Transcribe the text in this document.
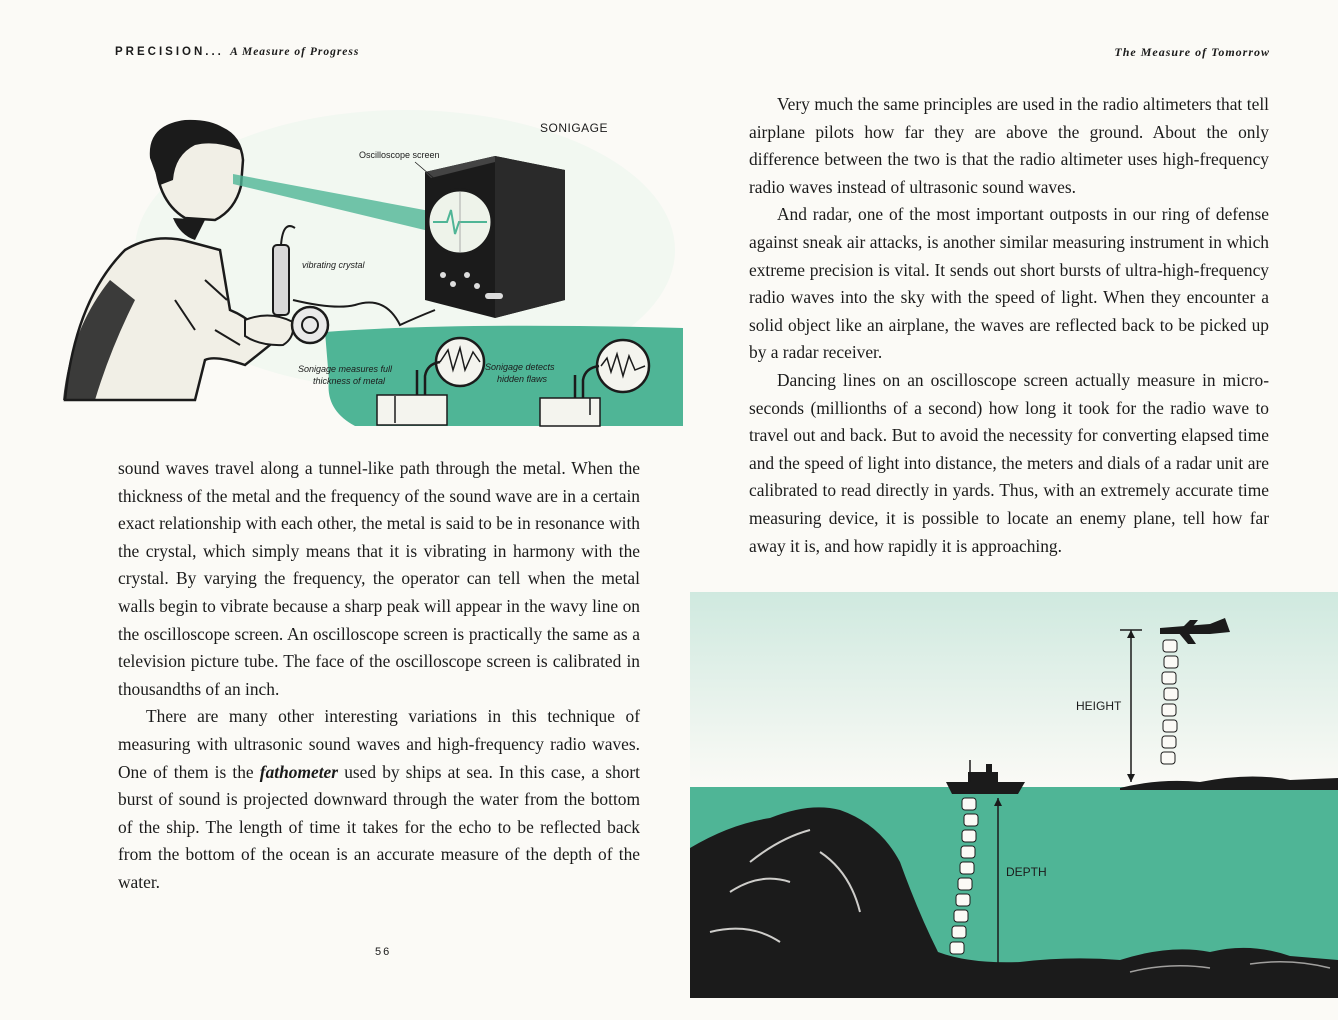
PRECISION... A Measure of Progress
SONIGAGE
Oscilloscope screen
vibrating crystal
Sonigage measures full
thickness of metal
Sonigage detects
hidden flaws

sound waves travel along a tunnel-like path through the metal. When the thickness of the metal and the frequency of the sound wave are in a certain exact relationship with each other, the metal is said to be in resonance with the crystal, which simply means that it is vibrating in harmony with the crystal. By varying the frequency, the operator can tell when the metal walls begin to vibrate because a sharp peak will appear in the wavy line on the oscilloscope screen. An oscilloscope screen is practically the same as a television picture tube. The face of the oscilloscope screen is calibrated in thousandths of an inch.

There are many other interesting variations in this technique of measuring with ultrasonic sound waves and high-frequency radio waves. One of them is the fathometer used by ships at sea. In this case, a short burst of sound is projected downward through the water from the bottom of the ship. The length of time it takes for the echo to be reflected back from the bottom of the ocean is an accurate measure of the depth of the water.

56
The Measure of Tomorrow

Very much the same principles are used in the radio altimeters that tell airplane pilots how far they are above the ground. About the only difference between the two is that the radio altimeter uses high-frequency radio waves instead of ultrasonic sound waves.

And radar, one of the most important outposts in our ring of defense against sneak air attacks, is another similar measuring instrument in which extreme precision is vital. It sends out short bursts of ultra-high-frequency radio waves into the sky with the speed of light. When they encounter a solid object like an airplane, the waves are reflected back to be picked up by a radar receiver.

Dancing lines on an oscilloscope screen actually measure in micro-seconds (millionths of a second) how long it took for the radio wave to travel out and back. But to avoid the necessity for converting elapsed time and the speed of light into distance, the meters and dials of a radar unit are calibrated to read directly in yards. Thus, with an extremely accurate time measuring device, it is possible to locate an enemy plane, tell how far away it is, and how rapidly it is approaching.

HEIGHT
DEPTH
